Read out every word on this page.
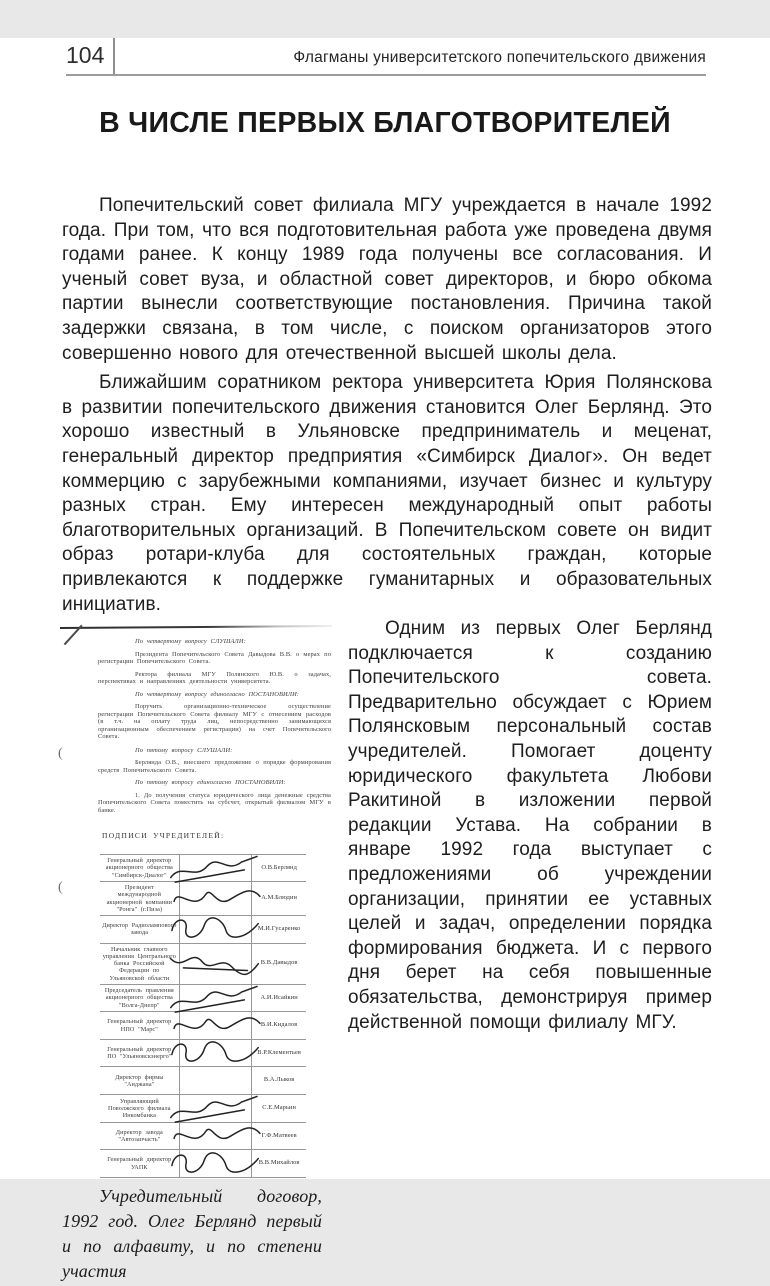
104	Флагманы университетского попечительского движения
В ЧИСЛЕ ПЕРВЫХ БЛАГОТВОРИТЕЛЕЙ

Попечительский совет филиала МГУ учреждается в начале 1992 года. При том, что вся подготовительная работа уже проведена двумя годами ранее. К концу 1989 года получены все согласования. И ученый совет вуза, и областной совет директоров, и бюро обкома партии вынесли соответствующие постановления. Причина такой задержки связана, в том числе, с поиском организаторов этого совершенно нового для отечественной высшей школы дела.

Ближайшим соратником ректора университета Юрия Полянскова в развитии попечительского движения становится Олег Берлянд. Это хорошо известный в Ульяновске предприниматель и меценат, генеральный директор предприятия «Симбирск Диалог». Он ведет коммерцию с зарубежными компаниями, изучает бизнес и культуру разных стран. Ему интересен международный опыт работы благотворительных организаций. В Попечительском совете он видит образ ротари-клуба для состоятельных граждан, которые привлекаются к поддержке гуманитарных и образовательных инициатив.

(
(

По четвертому вопросу СЛУШАЛИ:

Президента Попечительского Совета Давыдова В.В. о мерах по регистрации Попечительского Совета.

Ректора филиала МГУ Полянского Ю.В. о задачах, перспективах и направлениях деятельности университета.

По четвертому вопросу единогласно ПОСТАНОВИЛИ:

Поручить организационно-техническое осуществление регистрации Попечительского Совета филиалу МГУ с отнесением расходов (в т.ч. на оплату труда лиц, непосредственно занимающихся организационным обеспечением регистрации) на счет Попечительского Совета.

По пятому вопросу СЛУШАЛИ:

Берлянда О.В., внесшего предложение о порядке формирования средств Попечительского Совета.

По пятому вопросу единогласно ПОСТАНОВИЛИ:

1. До получения статуса юридического лица денежные средства Попечительского Совета поместить на субсчет, открытый филиалом МГУ в банке.

ПОДПИСИ УЧРЕДИТЕЛЕЙ:
Генеральный директор акционерного общества "Симбирск-Диалог"
О.В.Берлянд
Президент международной акционерной компании "Ронга" (г.Пиза)
А.М.Блюдин
Директор Радиолампового завода
М.И.Гусаренко
Начальник главного управления Центрального банка Российской Федерации по Ульяновской области
В.В.Давыдов
Председатель правления акционерного общества "Волга-Днепр"
А.И.Исайкин
Генеральный директор НПО "Марс"
В.И.Кидалов
Генеральный директор ПО "Ульяновскэнерго"
В.Р.Клементьев
Директор фирмы "Анджана"
В.А.Лыков
Управляющий Поволжского филиала Инкомбанка
С.Е.Марьин
Директор завода "Автозапчасть"
Г.Ф.Матвеев
Генеральный директор УАПК
В.В.Михайлов

Учредительный договор, 1992 год. Олег Берлянд первый и по алфавиту, и по степени участия

Одним из первых Олег Берлянд подключается к созданию Попечительского совета. Предварительно обсуждает с Юрием Полянсковым персональный состав учредителей. Помогает доценту юридического факультета Любови Ракитиной в изложении первой редакции Устава. На собрании в январе 1992 года выступает с предложениями об учреждении организации, принятии ее уставных целей и задач, определении порядка формирования бюджета. И с первого дня берет на себя повышенные обязательства, демонстрируя пример действенной помощи филиалу МГУ.
